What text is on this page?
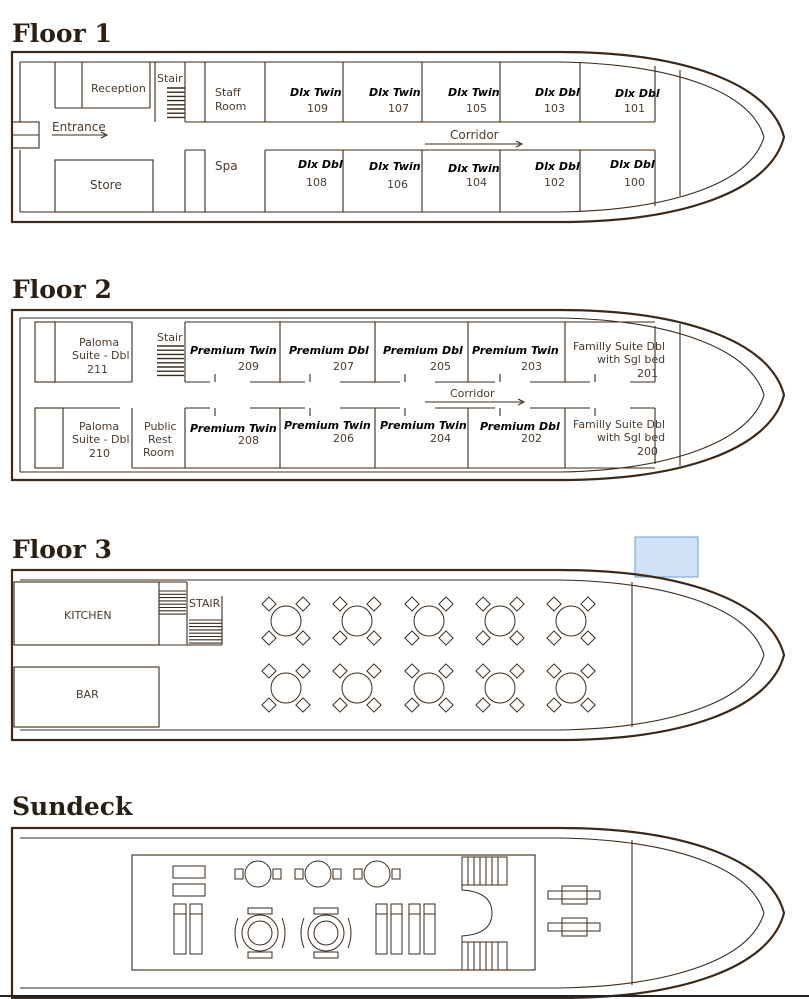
Floor 1
Entrance
Reception
Stair
Staff
Room
Dlx Twin
109
Dlx Twin
107
Dlx Twin
105
Dlx Dbl
103
Dlx Dbl
101
Corridor
Store
Spa	Dlx Dbl
108
Dlx Twin
106
Dlx Twin
104
Dlx Dbl
102
Dlx Dbl
100
Floor 2
Paloma
Suite - Dbl
211
Stair
Premium Twin
209
Premium Dbl
207
Premium Dbl
205
Premium Twin
203
Familly Suite Dbl
with Sgl bed
201
Corridor
Paloma
Suite - Dbl
210
Public
Rest
Room
Premium Twin
208
Premium Twin
206
Premium Twin
204
Premium Dbl
202
Familly Suite Dbl
with Sgl bed
200
Floor 3
KITCHEN
STAIR
BAR
Sundeck
